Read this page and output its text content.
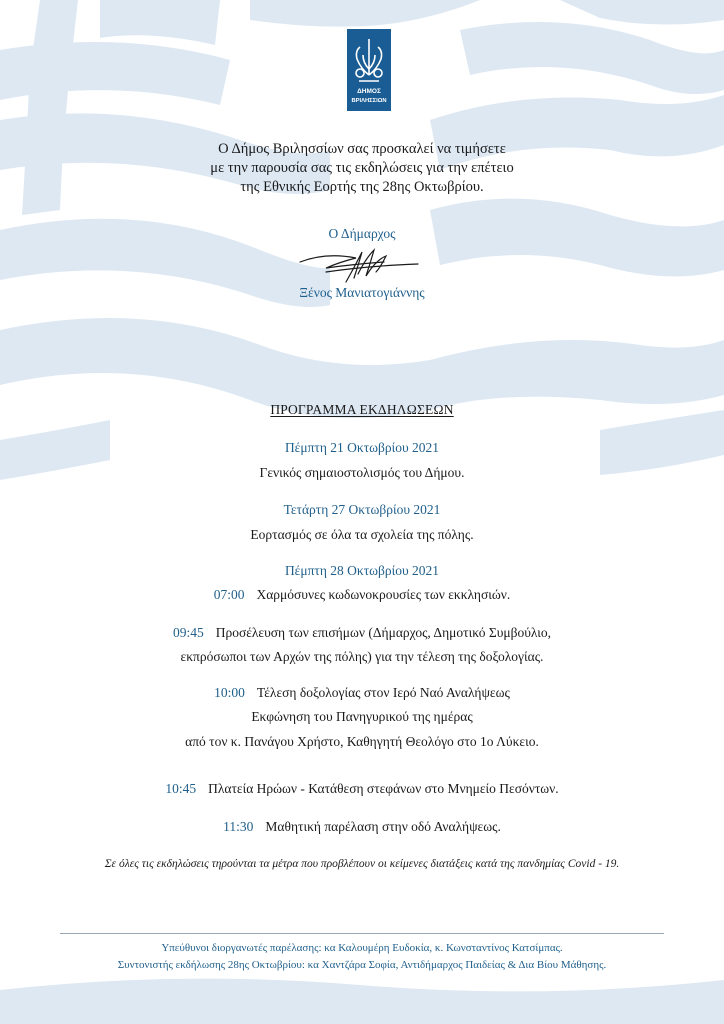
ΔΗΜΟΣ
ΒΡΙΛΗΣΣΙΩΝ
Ο Δήμος Βριλησσίων σας προσκαλεί να τιμήσετε
με την παρουσία σας τις εκδηλώσεις για την επέτειο
της Εθνικής Εορτής της 28ης Οκτωβρίου.
Ο Δήμαρχος
Ξένος Μανιατογιάννης
ΠΡΟΓΡΑΜΜΑ ΕΚΔΗΛΩΣΕΩΝ
Πέμπτη 21 Οκτωβρίου 2021
Γενικός σημαιοστολισμός του Δήμου.
Τετάρτη 27 Οκτωβρίου 2021
Εορτασμός σε όλα τα σχολεία της πόλης.
Πέμπτη 28 Οκτωβρίου 2021
07:00 Χαρμόσυνες κωδωνοκρουσίες των εκκλησιών.
09:45 Προσέλευση των επισήμων (Δήμαρχος, Δημοτικό Συμβούλιο,
εκπρόσωποι των Αρχών της πόλης) για την τέλεση της δοξολογίας.
10:00 Τέλεση δοξολογίας στον Ιερό Ναό Αναλήψεως
Εκφώνηση του Πανηγυρικού της ημέρας
από τον κ. Πανάγου Χρήστο, Καθηγητή Θεολόγο στο 1ο Λύκειο.
10:45 Πλατεία Ηρώων - Κατάθεση στεφάνων στο Μνημείο Πεσόντων.
11:30 Μαθητική παρέλαση στην οδό Αναλήψεως.
Σε όλες τις εκδηλώσεις τηρούνται τα μέτρα που προβλέπουν οι κείμενες διατάξεις κατά της πανδημίας Covid - 19.
Υπεύθυνοι διοργανωτές παρέλασης: κα Καλουμέρη Ευδοκία, κ. Κωνσταντίνος Κατσίμπας.
Συντονιστής εκδήλωσης 28ης Οκτωβρίου: κα Χαντζάρα Σοφία, Αντιδήμαρχος Παιδείας & Δια Βίου Μάθησης.
